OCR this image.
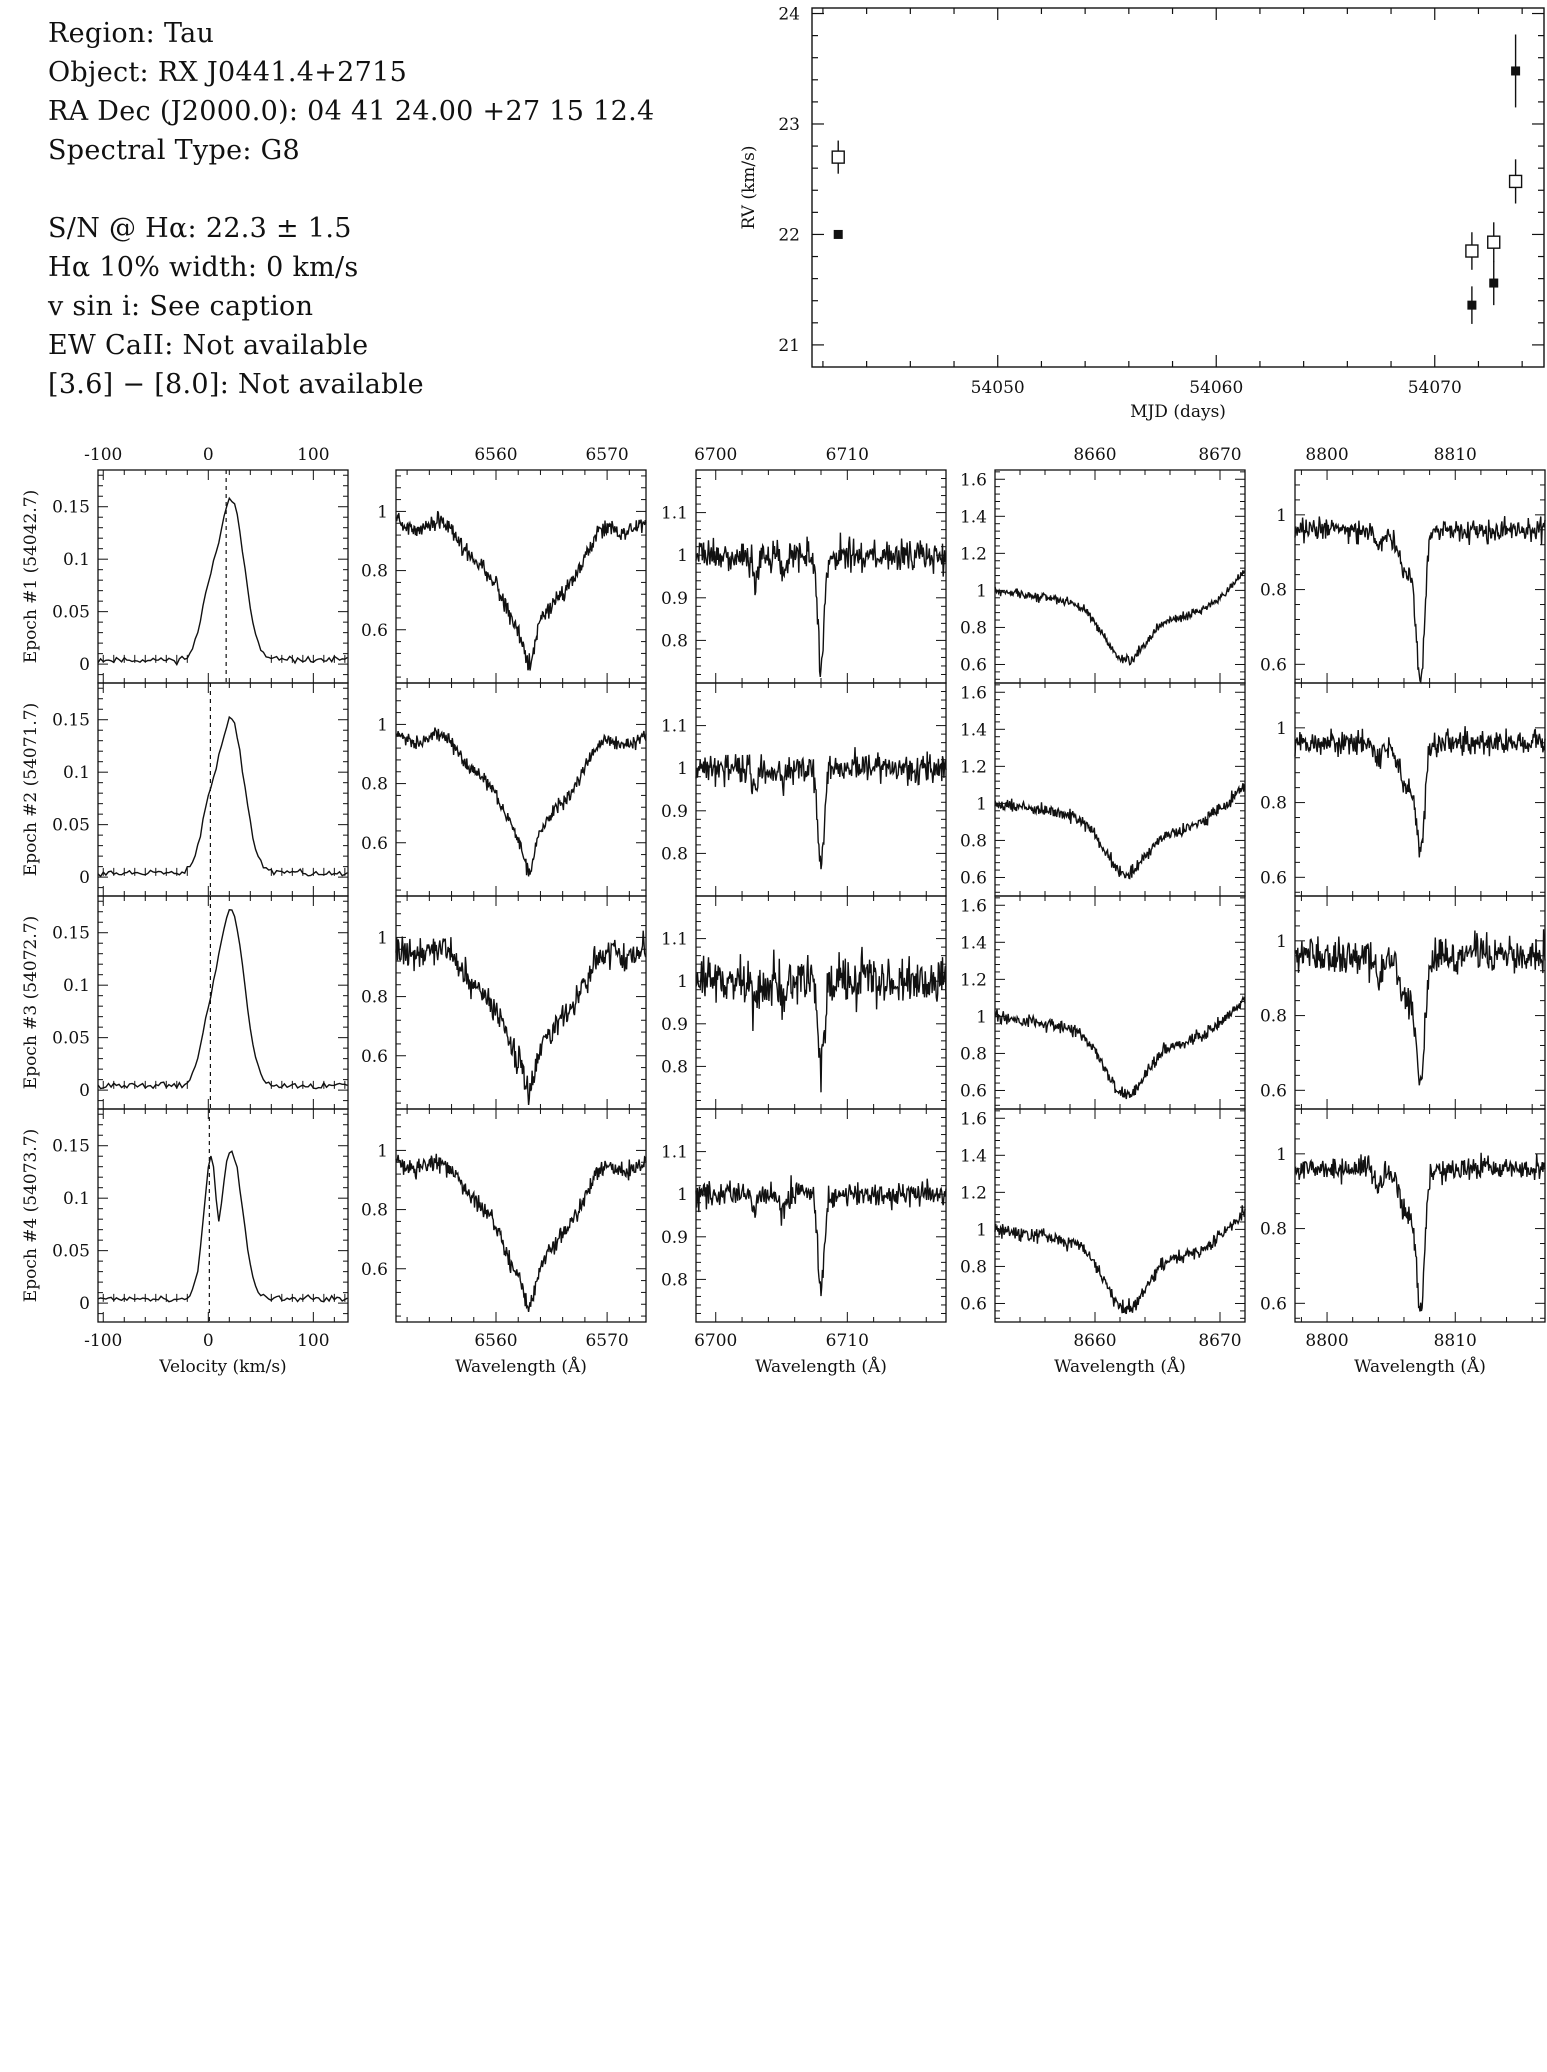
Region: Tau
Object: RX J0441.4+2715
RA Dec (J2000.0): 04 41 24.00 +27 15 12.4
Spectral Type: G8
S/N @ Hα: 22.3 ± 1.5
Hα 10% width: 0 km/s
v sin i: See caption
EW CaII: Not available
[3.6] − [8.0]: Not available	54050	54060	54070
21
22
23
24
MJD (days)
RV (km/s)
0
0.05
0.1
0.15
-100	0	100
Epoch #1 (54042.7)
0
0.05
0.1
0.15
Epoch #2 (54071.7)
0
0.05
0.1
0.15
Epoch #3 (54072.7)
0
0.05
0.1
0.15
-100	0	100
Velocity (km/s)
Epoch #4 (54073.7)
0.6
0.8
1
6560	6570
0.6
0.8
1
0.6
0.8
1
0.6
0.8
1
6560	6570
Wavelength (Å)
0.8
0.9
1
1.1
6700	6710
0.8
0.9
1
1.1
0.8
0.9
1
1.1
0.8
0.9
1
1.1
6700	6710
Wavelength (Å)
0.6
0.8
1
1.2
1.4
1.6
8660	8670
0.6
0.8
1
1.2
1.4
1.6
0.6
0.8
1
1.2
1.4
1.6
0.6
0.8
1
1.2
1.4
1.6
8660	8670
Wavelength (Å)
0.6
0.8
1
8800	8810
0.6
0.8
1
0.6
0.8
1
0.6
0.8
1
8800	8810
Wavelength (Å)
